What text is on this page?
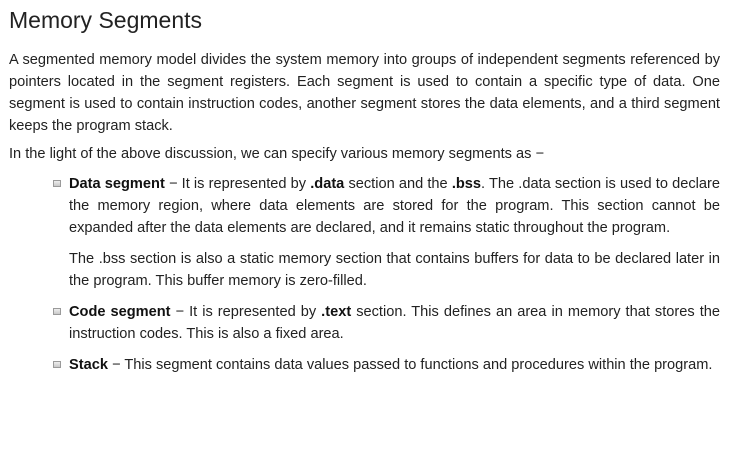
Memory Segments

A segmented memory model divides the system memory into groups of independent segments referenced by pointers located in the segment registers. Each segment is used to contain a specific type of data. One segment is used to contain instruction codes, another segment stores the data elements, and a third segment keeps the program stack.

In the light of the above discussion, we can specify various memory segments as −

Data segment − It is represented by .data section and the .bss. The .data section is used to declare the memory region, where data elements are stored for the program. This section cannot be expanded after the data elements are declared, and it remains static throughout the program.

The .bss section is also a static memory section that contains buffers for data to be declared later in the program. This buffer memory is zero-filled.

Code segment − It is represented by .text section. This defines an area in memory that stores the instruction codes. This is also a fixed area.

Stack − This segment contains data values passed to functions and procedures within the program.
